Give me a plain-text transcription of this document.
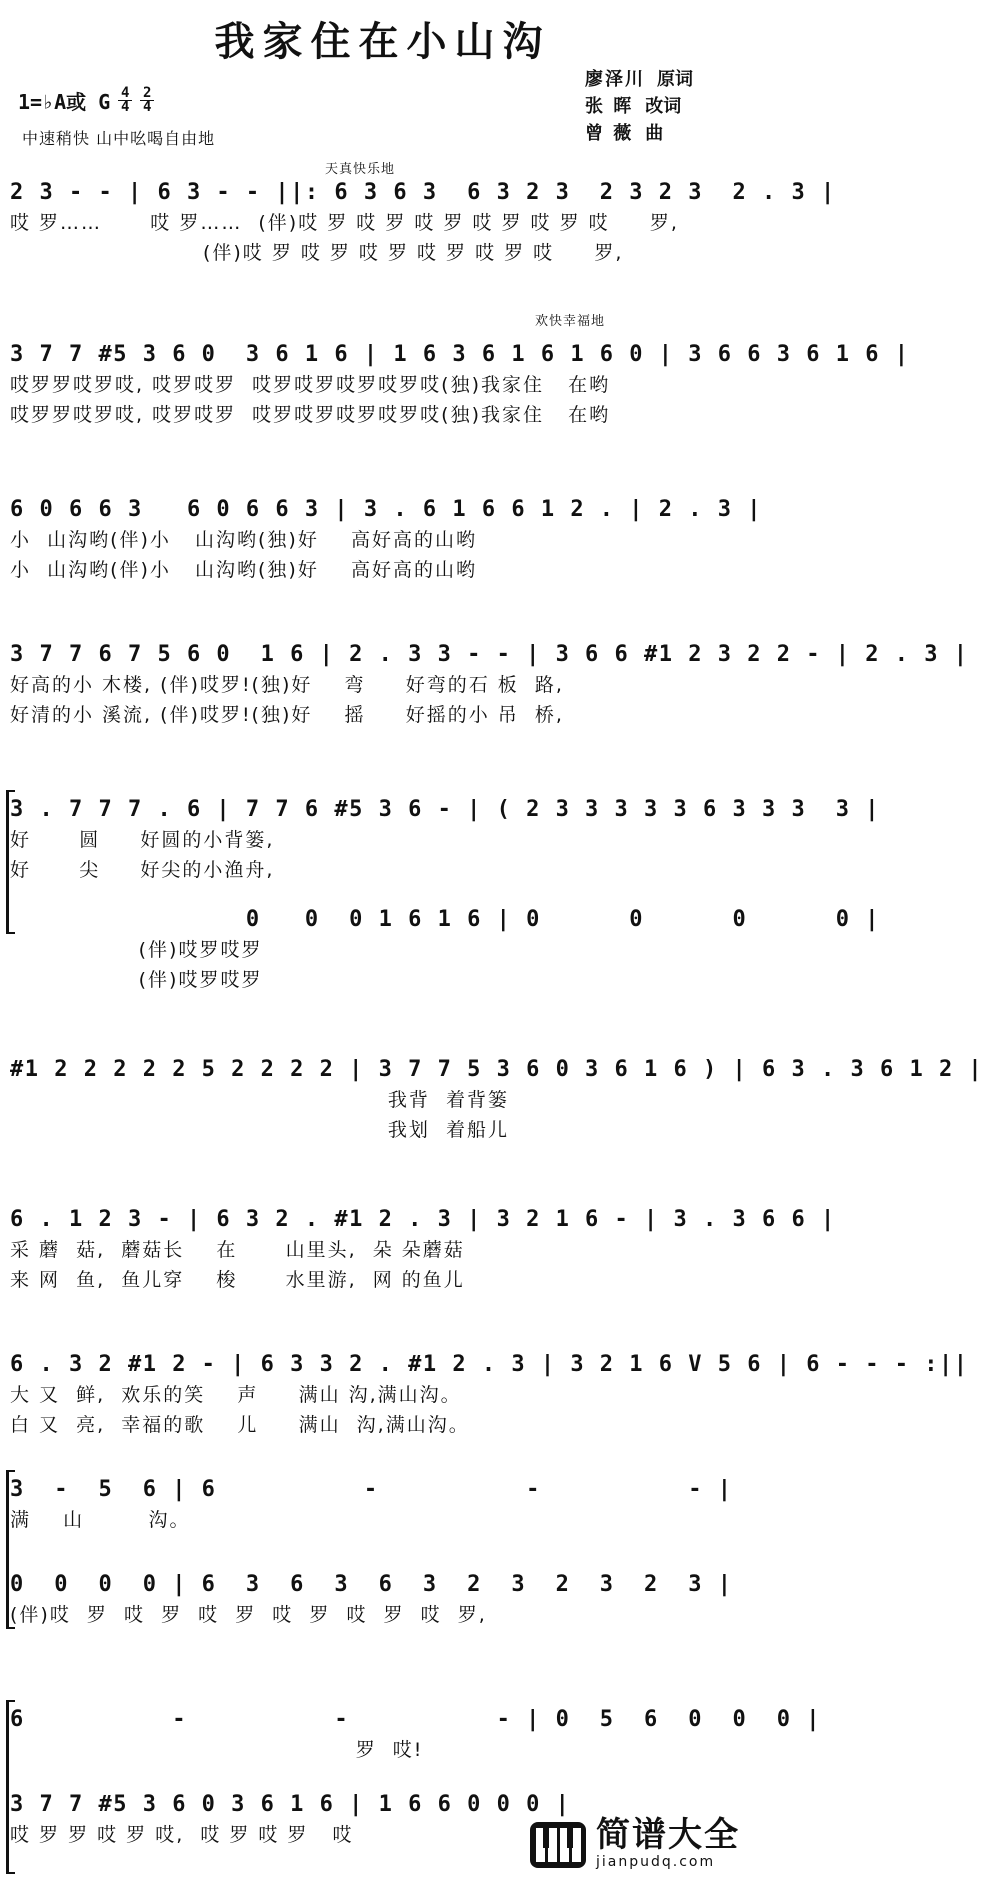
我家住在小山沟
廖泽川 原词
张 晖 改词
曾 薇 曲
1=♭A或 G 4
4
2
4
中速稍快 山中吆喝自由地
天真快乐地
欢快幸福地
2 3 - - | 6 3 - - ||: 6 3 6 3  6 3 2 3  2 3 2 3  2 . 3 |
哎 罗……      哎 罗……  (伴)哎 罗 哎 罗 哎 罗 哎 罗 哎 罗 哎     罗,
(伴)哎 罗 哎 罗 哎 罗 哎 罗 哎 罗 哎     罗,
3 7 7 #5 3 6 0  3 6 1 6 | 1 6 3 6 1 6 1 6 0 | 3 6 6 3 6 1 6 |
哎罗罗哎罗哎, 哎罗哎罗  哎罗哎罗哎罗哎罗哎(独)我家住   在哟
哎罗罗哎罗哎, 哎罗哎罗  哎罗哎罗哎罗哎罗哎(独)我家住   在哟
6 0 6 6 3   6 0 6 6 3 | 3 . 6 1 6 6 1 2 . | 2 . 3 |
小  山沟哟(伴)小   山沟哟(独)好    高好高的山哟
小  山沟哟(伴)小   山沟哟(独)好    高好高的山哟
3 7 7 6 7 5 6 0  1 6 | 2 . 3 3 - - | 3 6 6 #1 2 3 2 2 - | 2 . 3 |
好高的小 木楼, (伴)哎罗!(独)好    弯     好弯的石 板  路,
好清的小 溪流, (伴)哎罗!(独)好    摇     好摇的小 吊  桥,
3 . 7 7 7 . 6 | 7 7 6 #5 3 6 - | ( 2 3 3 3 3 3 6 3 3 3  3 |
好      圆     好圆的小背篓,
好      尖     好尖的小渔舟,
0   0  0 1 6 1 6 | 0      0      0      0 |
(伴)哎罗哎罗
(伴)哎罗哎罗
#1 2 2 2 2 2 5 2 2 2 2 | 3 7 7 5 3 6 0 3 6 1 6 ) | 6 3 . 3 6 1 2 |
我背  着背篓
我划  着船儿
6 . 1 2 3 - | 6 3 2 . #1 2 . 3 | 3 2 1 6 - | 3 . 3 6 6 |
采 蘑  菇,  蘑菇长    在      山里头,  朵 朵蘑菇
来 网  鱼,  鱼儿穿    梭      水里游,  网 的鱼儿
6 . 3 2 #1 2 - | 6 3 3 2 . #1 2 . 3 | 3 2 1 6 V 5 6 | 6 - - - :||
大 又  鲜,  欢乐的笑    声     满山 沟,满山沟。
白 又  亮,  幸福的歌    儿     满山  沟,满山沟。
3  -  5  6 | 6          -          -          - |
满    山        沟。
0  0  0  0 | 6  3  6  3  6  3  2  3  2  3  2  3 |
(伴)哎  罗  哎  罗  哎  罗  哎  罗  哎  罗  哎  罗,
6          -          -          - | 0  5  6  0  0  0 |
罗  哎!
3 7 7 #5 3 6 0 3 6 1 6 | 1 6 6 0 0 0 |
哎 罗 罗 哎 罗 哎,  哎 罗 哎 罗   哎	简谱大全
jianpudq.com
